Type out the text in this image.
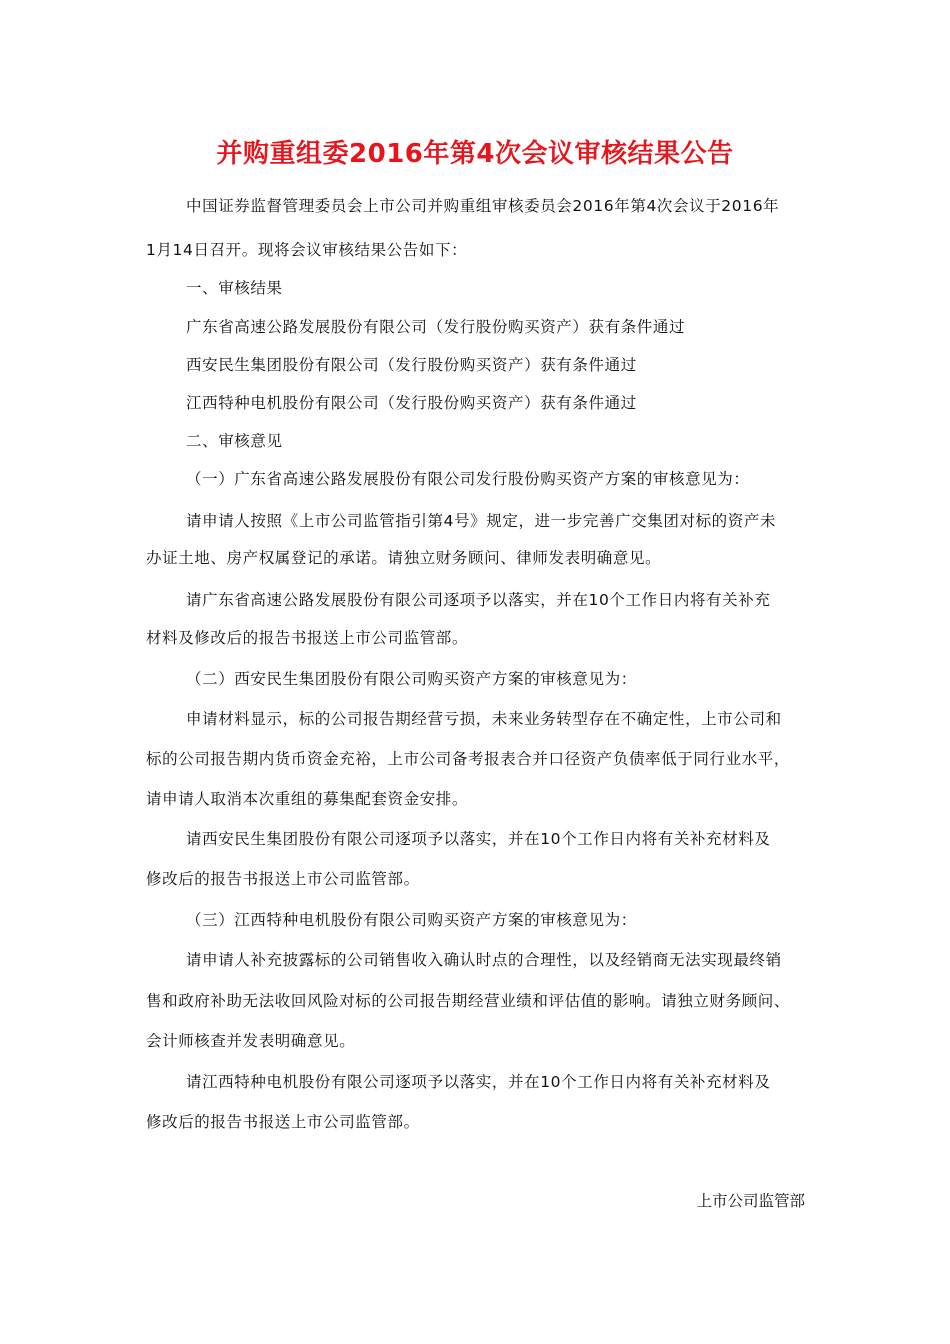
并购重组委2016年第4次会议审核结果公告
中国证券监督管理委员会上市公司并购重组审核委员会2016年第4次会议于2016年
1月14日召开。现将会议审核结果公告如下：
一、审核结果
广东省高速公路发展股份有限公司（发行股份购买资产）获有条件通过
西安民生集团股份有限公司（发行股份购买资产）获有条件通过
江西特种电机股份有限公司（发行股份购买资产）获有条件通过
二、审核意见
（一）广东省高速公路发展股份有限公司发行股份购买资产方案的审核意见为：
请申请人按照《上市公司监管指引第4号》规定，进一步完善广交集团对标的资产未
办证土地、房产权属登记的承诺。请独立财务顾问、律师发表明确意见。
请广东省高速公路发展股份有限公司逐项予以落实，并在10个工作日内将有关补充
材料及修改后的报告书报送上市公司监管部。
（二）西安民生集团股份有限公司购买资产方案的审核意见为：
申请材料显示，标的公司报告期经营亏损，未来业务转型存在不确定性，上市公司和
标的公司报告期内货币资金充裕，上市公司备考报表合并口径资产负债率低于同行业水平，
请申请人取消本次重组的募集配套资金安排。
请西安民生集团股份有限公司逐项予以落实，并在10个工作日内将有关补充材料及
修改后的报告书报送上市公司监管部。
（三）江西特种电机股份有限公司购买资产方案的审核意见为：
请申请人补充披露标的公司销售收入确认时点的合理性，以及经销商无法实现最终销
售和政府补助无法收回风险对标的公司报告期经营业绩和评估值的影响。请独立财务顾问、
会计师核查并发表明确意见。
请江西特种电机股份有限公司逐项予以落实，并在10个工作日内将有关补充材料及
修改后的报告书报送上市公司监管部。
上市公司监管部
